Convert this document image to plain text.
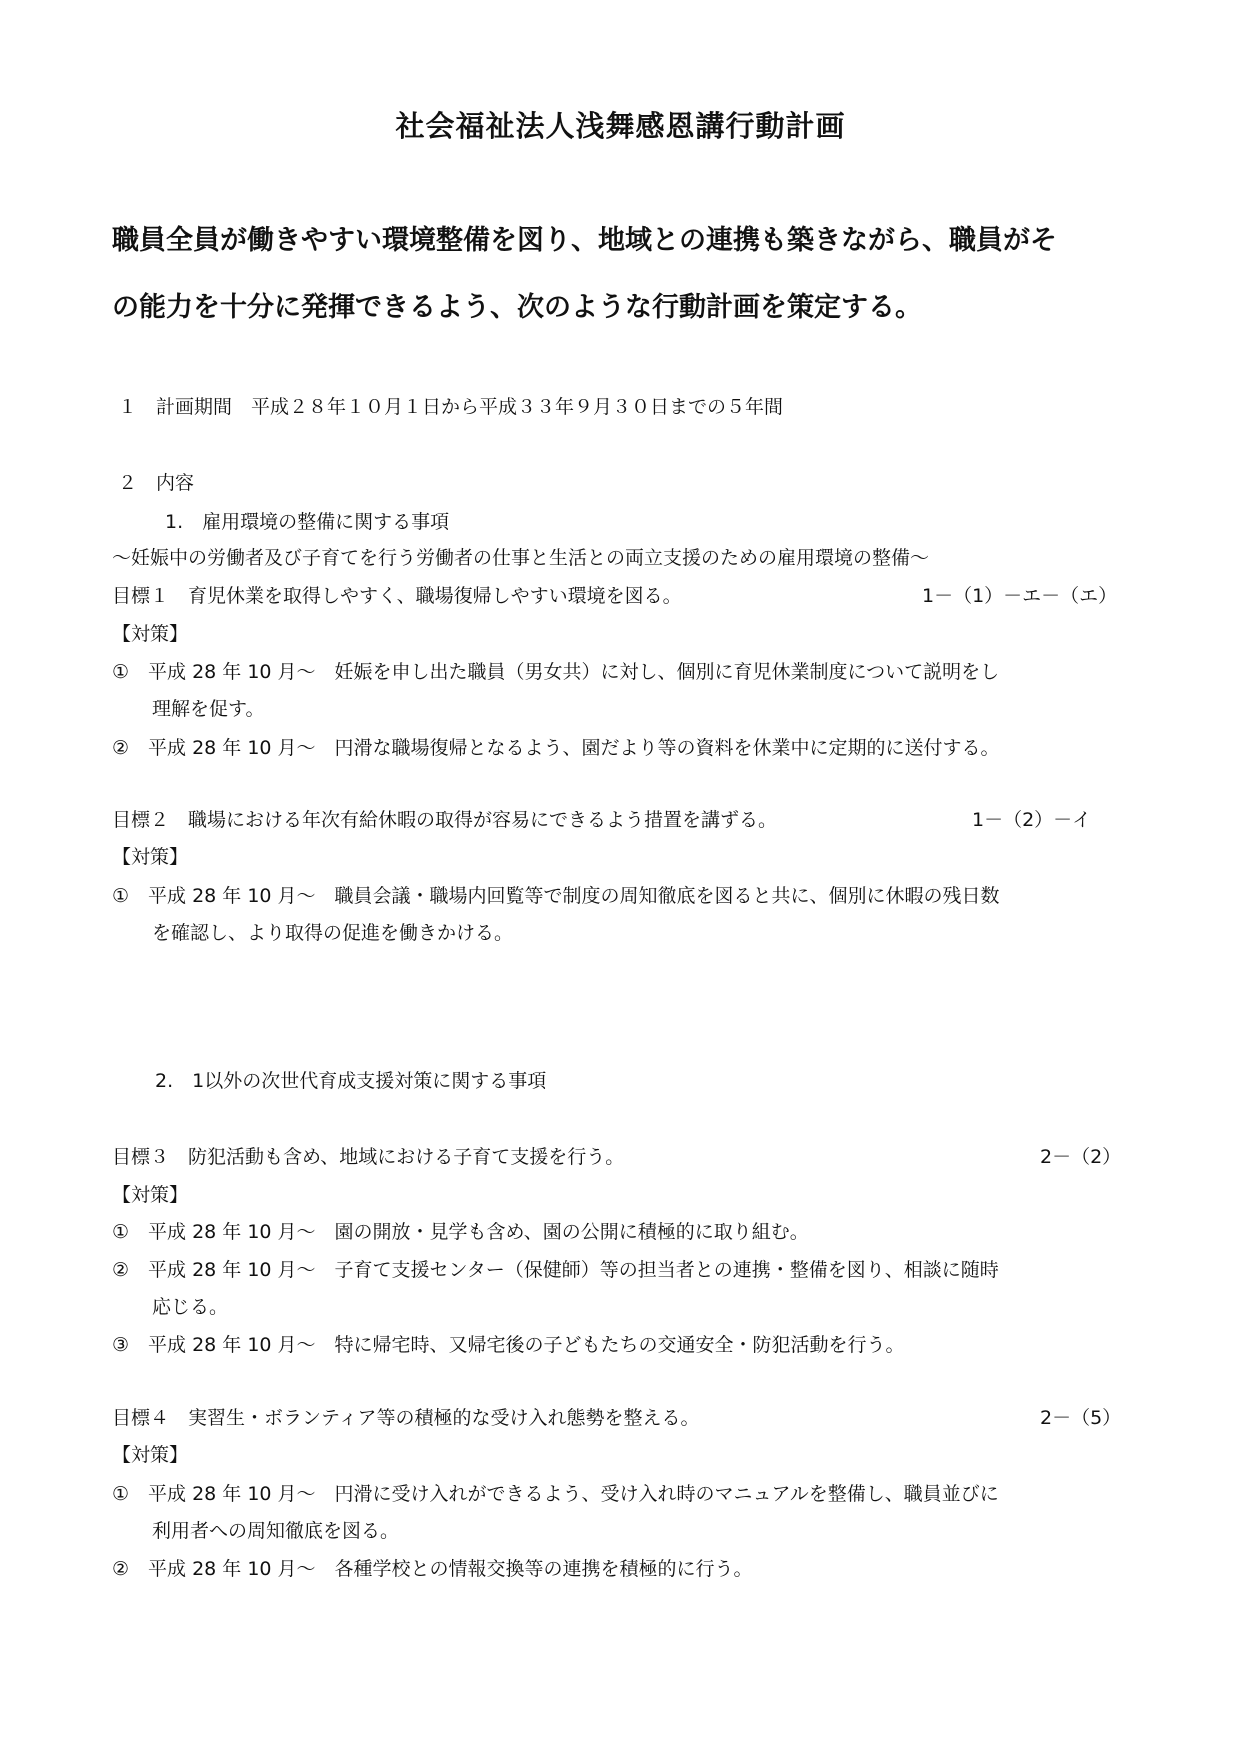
社会福祉法人浅舞感恩講行動計画
職員全員が働きやすい環境整備を図り、地域との連携も築きながら、職員がそ
の能力を十分に発揮できるよう、次のような行動計画を策定する。
１　計画期間　平成２８年１０月１日から平成３３年９月３０日までの５年間
２　内容
1.　雇用環境の整備に関する事項
～妊娠中の労働者及び子育てを行う労働者の仕事と生活との両立支援のための雇用環境の整備～
目標１　育児休業を取得しやすく、職場復帰しやすい環境を図る。	1－（1）－エ－（エ）
【対策】
①　平成 28 年 10 月～　妊娠を申し出た職員（男女共）に対し、個別に育児休業制度について説明をし
理解を促す。
②　平成 28 年 10 月～　円滑な職場復帰となるよう、園だより等の資料を休業中に定期的に送付する。
目標２　職場における年次有給休暇の取得が容易にできるよう措置を講ずる。	1－（2）－イ
【対策】
①　平成 28 年 10 月～　職員会議・職場内回覧等で制度の周知徹底を図ると共に、個別に休暇の残日数
を確認し、より取得の促進を働きかける。
2.　1以外の次世代育成支援対策に関する事項
目標３　防犯活動も含め、地域における子育て支援を行う。	2－（2）
【対策】
①　平成 28 年 10 月～　園の開放・見学も含め、園の公開に積極的に取り組む。
②　平成 28 年 10 月～　子育て支援センター（保健師）等の担当者との連携・整備を図り、相談に随時
応じる。
③　平成 28 年 10 月～　特に帰宅時、又帰宅後の子どもたちの交通安全・防犯活動を行う。
目標４　実習生・ボランティア等の積極的な受け入れ態勢を整える。	2－（5）
【対策】
①　平成 28 年 10 月～　円滑に受け入れができるよう、受け入れ時のマニュアルを整備し、職員並びに
利用者への周知徹底を図る。
②　平成 28 年 10 月～　各種学校との情報交換等の連携を積極的に行う。
